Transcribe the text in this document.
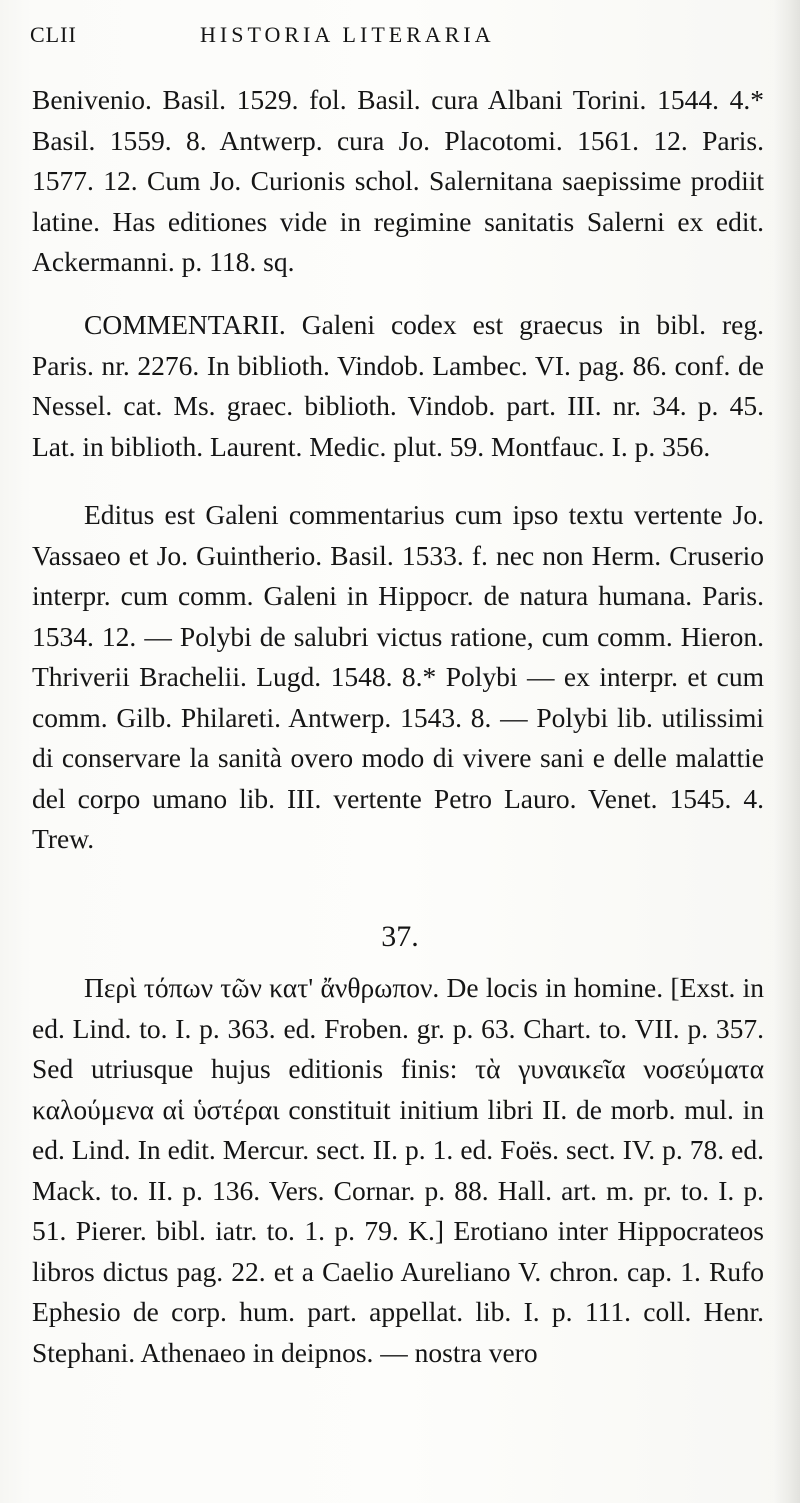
CLII	HISTORIA LITERARIA

Benivenio. Basil. 1529. fol. Basil. cura Albani Torini. 1544. 4.* Basil. 1559. 8. Antwerp. cura Jo. Placotomi. 1561. 12. Paris. 1577. 12. Cum Jo. Curionis schol. Salernitana saepissime prodiit latine. Has editiones vide in regimine sanitatis Salerni ex edit. Ackermanni. p. 118. sq.

COMMENTARII. Galeni codex est graecus in bibl. reg. Paris. nr. 2276. In biblioth. Vindob. Lambec. VI. pag. 86. conf. de Nessel. cat. Ms. graec. biblioth. Vindob. part. III. nr. 34. p. 45. Lat. in biblioth. Laurent. Medic. plut. 59. Montfauc. I. p. 356.

Editus est Galeni commentarius cum ipso textu vertente Jo. Vassaeo et Jo. Guintherio. Basil. 1533. f. nec non Herm. Cruserio interpr. cum comm. Galeni in Hippocr. de natura humana. Paris. 1534. 12. — Polybi de salubri victus ratione, cum comm. Hieron. Thriverii Brachelii. Lugd. 1548. 8.* Polybi — ex interpr. et cum comm. Gilb. Philareti. Antwerp. 1543. 8. — Polybi lib. utilissimi di conservare la sanità overo modo di vivere sani e delle malattie del corpo umano lib. III. vertente Petro Lauro. Venet. 1545. 4. Trew.

37.

Περὶ τόπων τῶν κατ' ἄνθρωπον. De locis in homine. [Exst. in ed. Lind. to. I. p. 363. ed. Froben. gr. p. 63. Chart. to. VII. p. 357. Sed utriusque hujus editionis finis: τὰ γυναικεῖα νοσεύματα καλούμενα αἱ ὑστέραι constituit initium libri II. de morb. mul. in ed. Lind. In edit. Mercur. sect. II. p. 1. ed. Foës. sect. IV. p. 78. ed. Mack. to. II. p. 136. Vers. Cornar. p. 88. Hall. art. m. pr. to. I. p. 51. Pierer. bibl. iatr. to. 1. p. 79. K.] Erotiano inter Hippocrateos libros dictus pag. 22. et a Caelio Aureliano V. chron. cap. 1. Rufo Ephesio de corp. hum. part. appellat. lib. I. p. 111. coll. Henr. Stephani. Athenaeo in deipnos. — nostra vero
